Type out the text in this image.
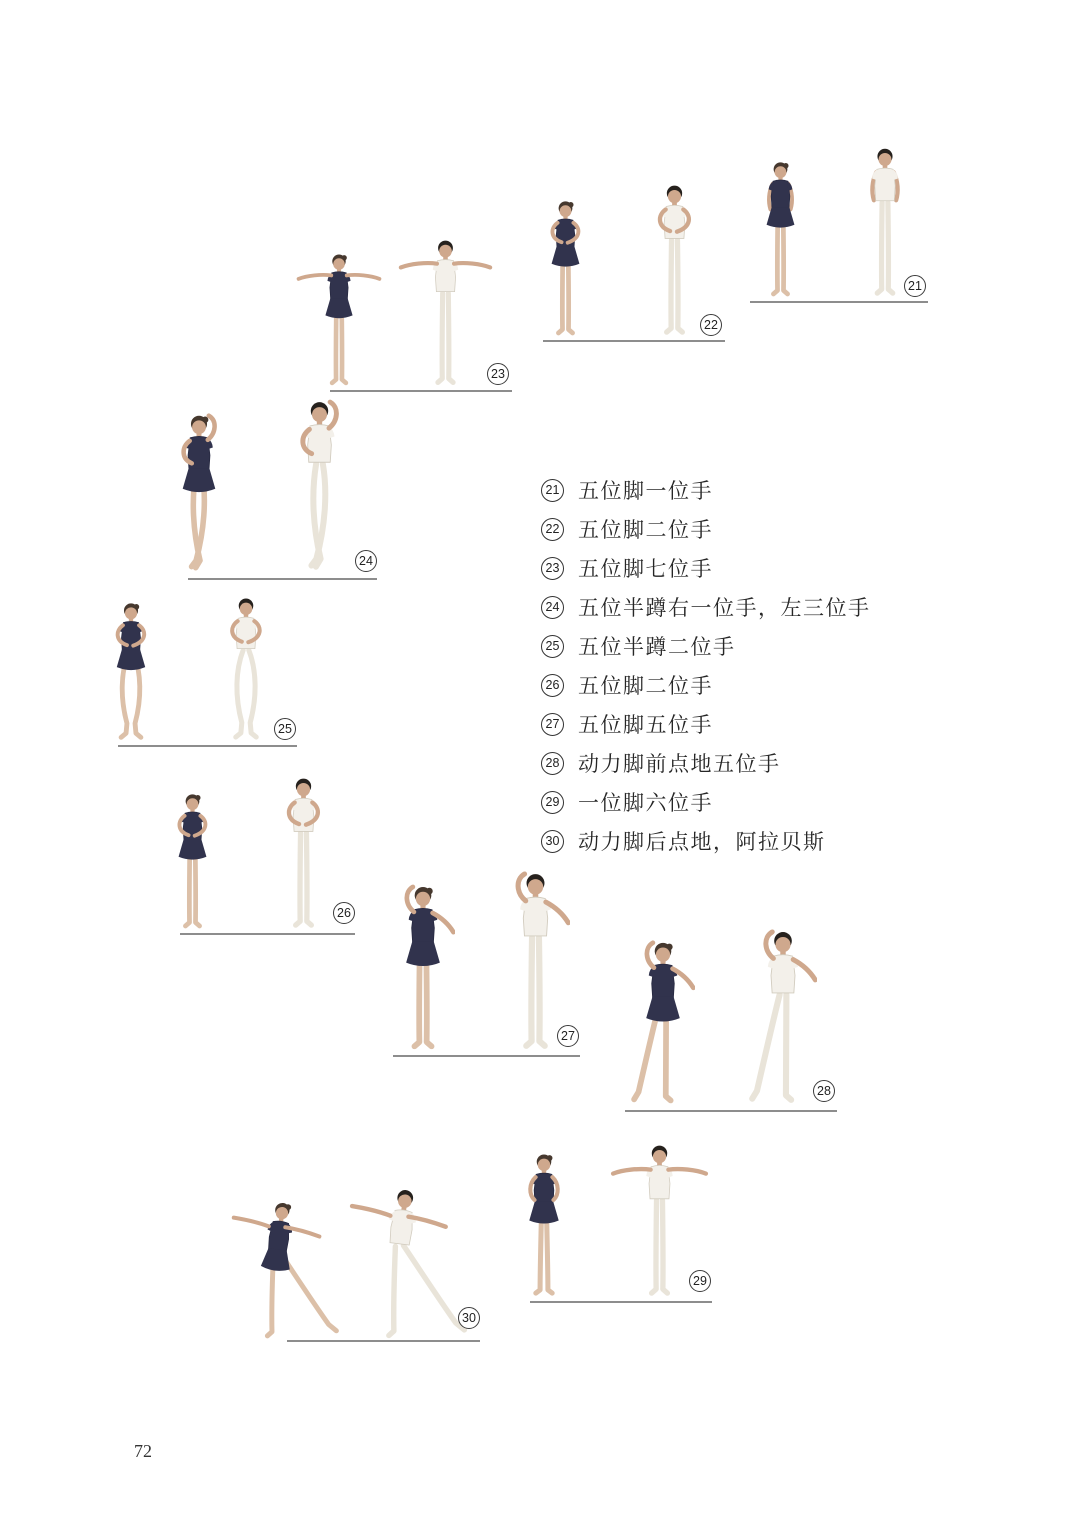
21
22
23
24
25
26
27
28
29
30
21 五位脚一位手
22 五位脚二位手
23 五位脚七位手
24 五位半蹲右一位手，左三位手
25 五位半蹲二位手
26 五位脚二位手
27 五位脚五位手
28 动力脚前点地五位手
29 一位脚六位手
30 动力脚后点地，阿拉贝斯
72
